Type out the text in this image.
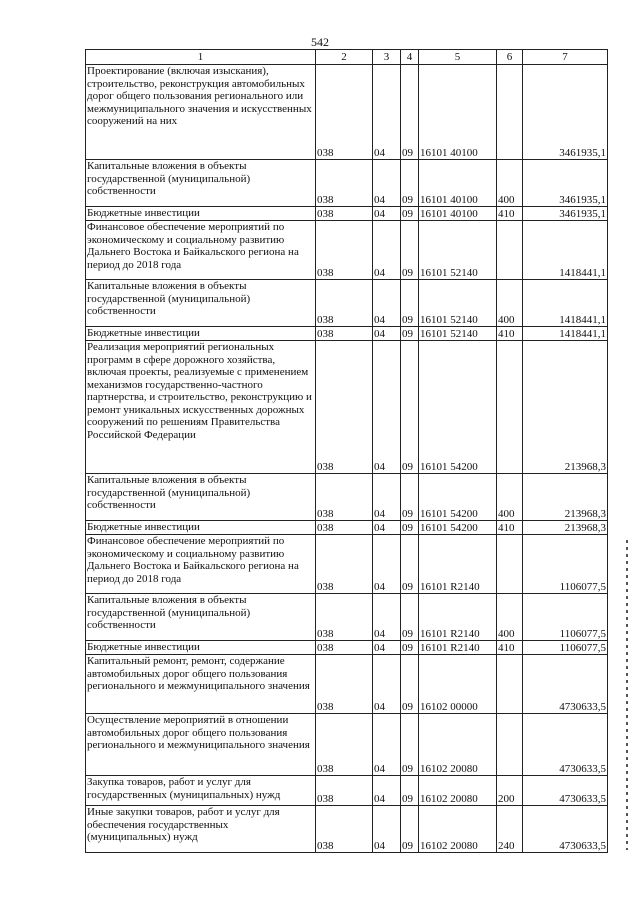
542
1	2	3	4	5	6	7
Проектирование (включая изыскания), строительство, реконструкция автомобильных дорог общего пользования регионального или межмуниципального значения и искусственных сооружений на них	038	04	09	16101 40100		3461935,1
Капитальные вложения в объекты государственной (муниципальной) собственности	038	04	09	16101 40100	400	3461935,1
Бюджетные инвестиции	038	04	09	16101 40100	410	3461935,1
Финансовое обеспечение мероприятий по экономическому и социальному развитию Дальнего Востока и Байкальского региона на период до 2018 года	038	04	09	16101 52140		1418441,1
Капитальные вложения в объекты государственной (муниципальной) собственности	038	04	09	16101 52140	400	1418441,1
Бюджетные инвестиции	038	04	09	16101 52140	410	1418441,1
Реализация мероприятий региональных программ в сфере дорожного хозяйства, включая проекты, реализуемые с применением механизмов государственно-частного партнерства, и строительство, реконструкцию и ремонт уникальных искусственных дорожных сооружений по решениям Правительства Российской Федерации	038	04	09	16101 54200		213968,3
Капитальные вложения в объекты государственной (муниципальной) собственности	038	04	09	16101 54200	400	213968,3
Бюджетные инвестиции	038	04	09	16101 54200	410	213968,3
Финансовое обеспечение мероприятий по экономическому и социальному развитию Дальнего Востока и Байкальского региона на период до 2018 года	038	04	09	16101 R2140		1106077,5
Капитальные вложения в объекты государственной (муниципальной) собственности	038	04	09	16101 R2140	400	1106077,5
Бюджетные инвестиции	038	04	09	16101 R2140	410	1106077,5
Капитальный ремонт, ремонт, содержание автомобильных дорог общего пользования регионального и межмуниципального значения	038	04	09	16102 00000		4730633,5
Осуществление мероприятий в отношении автомобильных дорог общего пользования регионального и межмуниципального значения	038	04	09	16102 20080		4730633,5
Закупка товаров, работ и услуг для государственных (муниципальных) нужд	038	04	09	16102 20080	200	4730633,5
Иные закупки товаров, работ и услуг для обеспечения государственных (муниципальных) нужд	038	04	09	16102 20080	240	4730633,5
